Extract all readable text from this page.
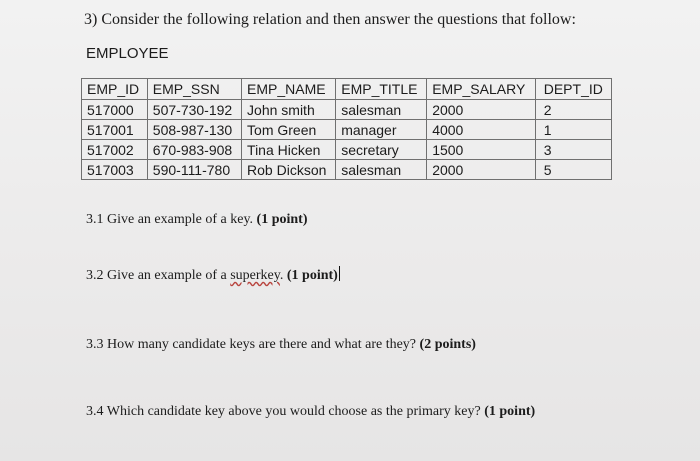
3) Consider the following relation and then answer the questions that follow:
EMPLOYEE
EMP_ID	EMP_SSN	EMP_NAME	EMP_TITLE	EMP_SALARY	DEPT_ID
517000	507-730-192	John smith	salesman	2000	2
517001	508-987-130	Tom Green	manager	4000	1
517002	670-983-908	Tina Hicken	secretary	1500	3
517003	590-111-780	Rob Dickson	salesman	2000	5
3.1 Give an example of a key. (1 point)
3.2 Give an example of a superkey. (1 point)
3.3 How many candidate keys are there and what are they? (2 points)
3.4 Which candidate key above you would choose as the primary key? (1 point)
